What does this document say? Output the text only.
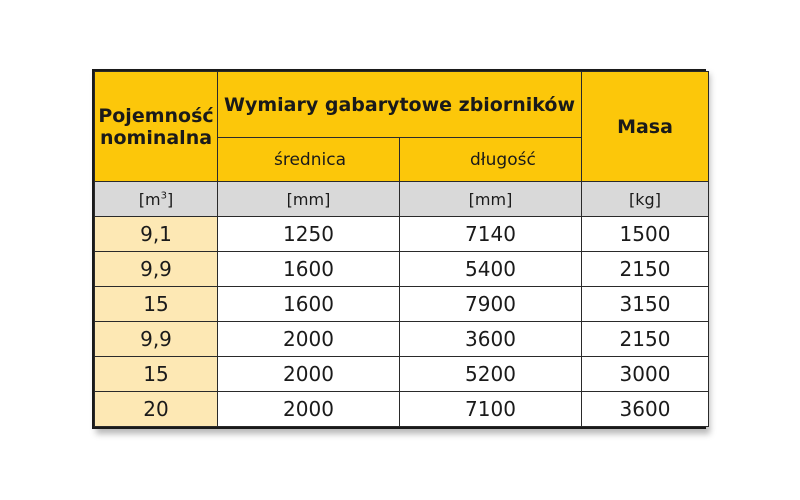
Pojemność
nominalna	Wymiary gabarytowe zbiorników		Masa
	średnica	długość	
$[m^3]$	[mm]	[mm]	[kg]
9,1	1250	7140	1500
9,9	1600	5400	2150
15	1600	7900	3150
9,9	2000	3600	2150
15	2000	5200	3000
20	2000	7100	3600
